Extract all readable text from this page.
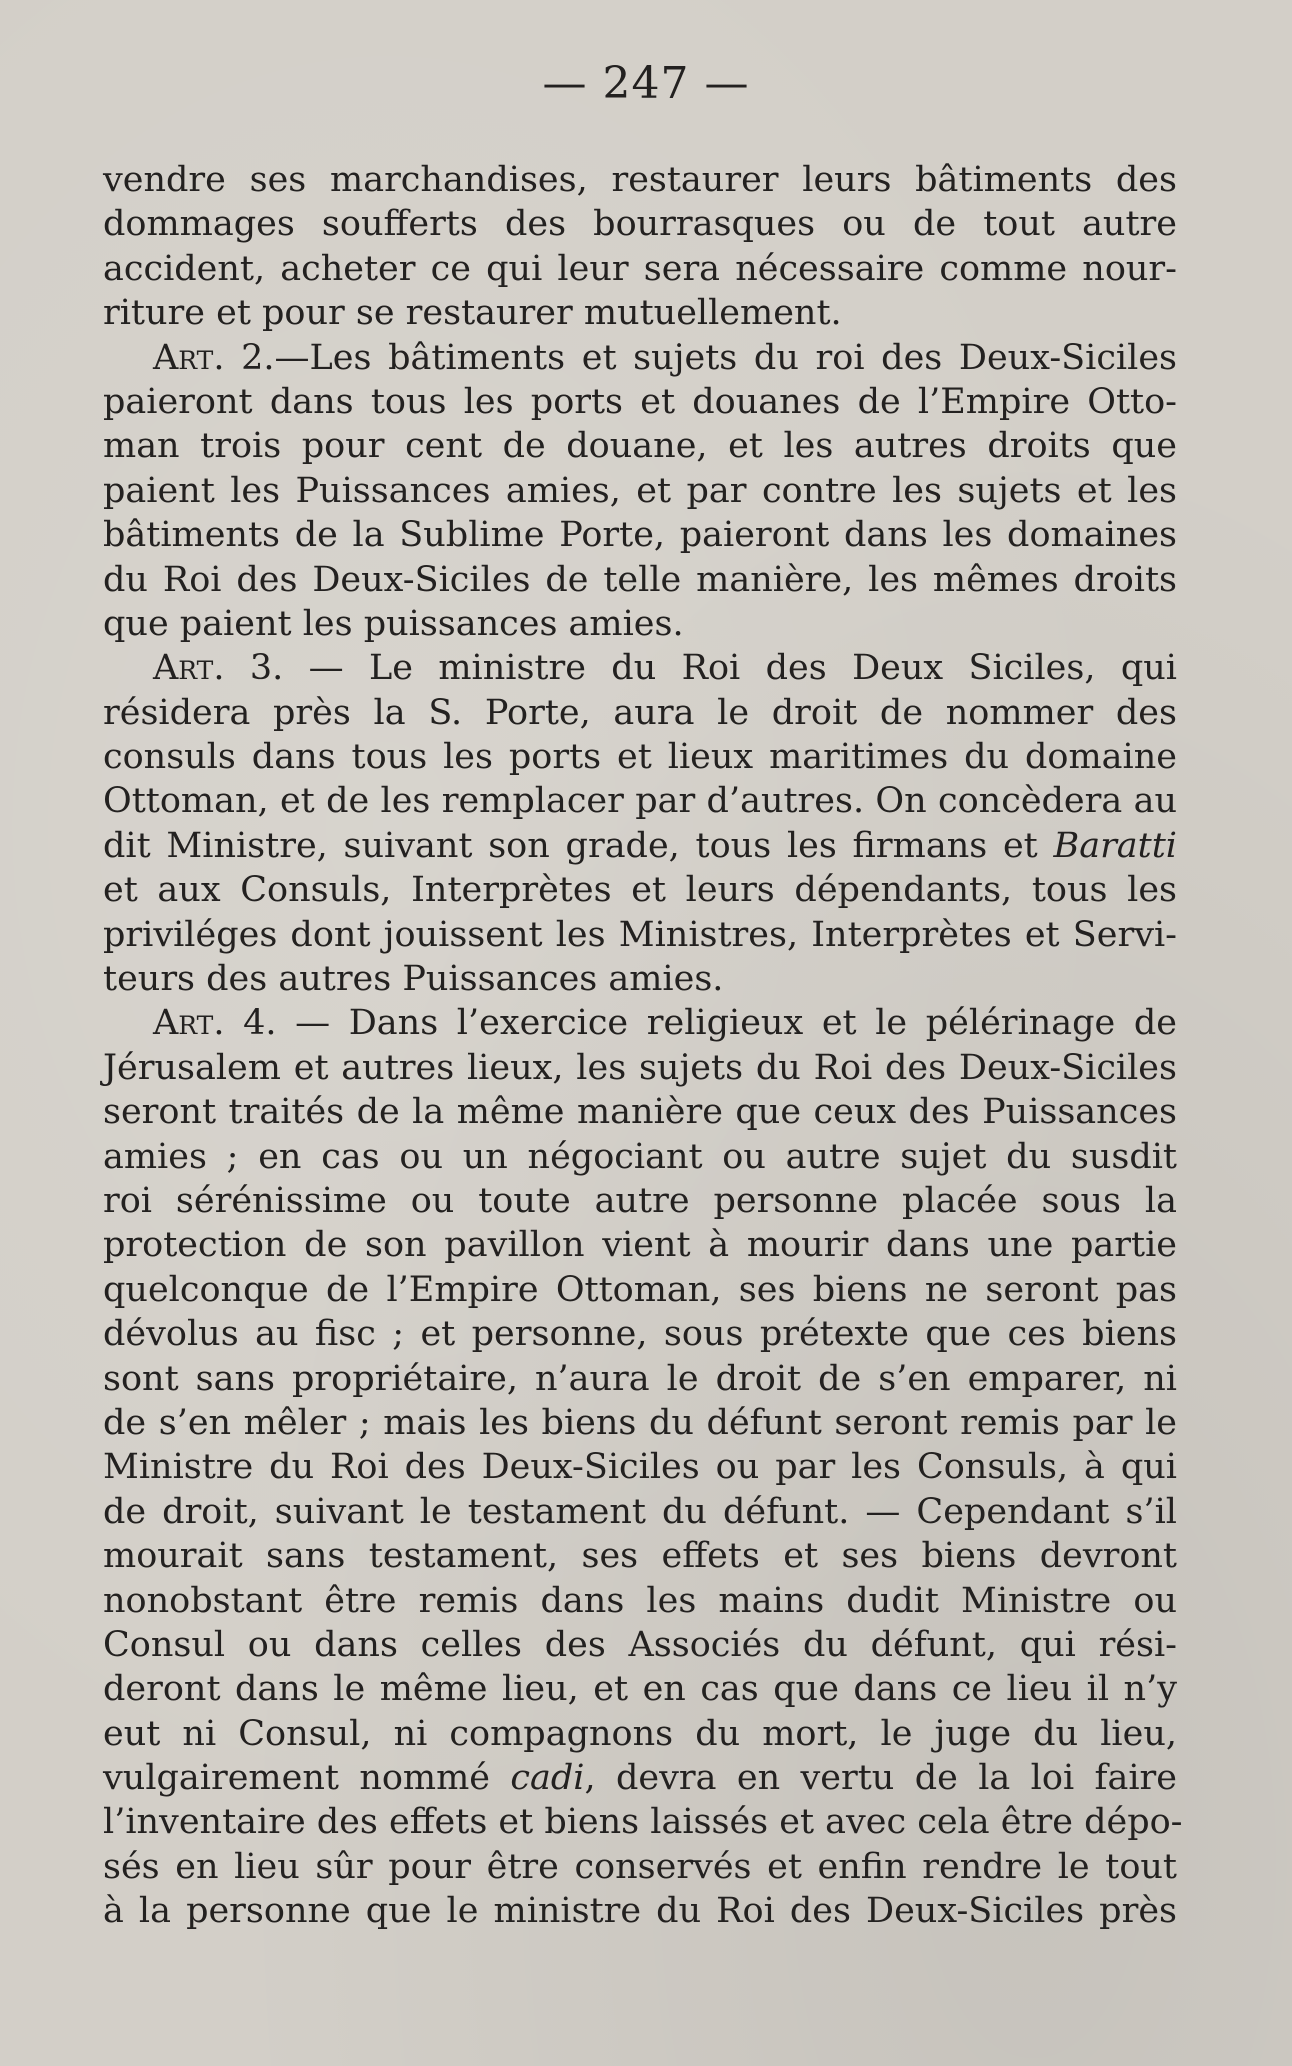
— 247 —
vendre ses marchandises, restaurer leurs bâtiments des
dommages soufferts des bourrasques ou de tout autre
accident, acheter ce qui leur sera nécessaire comme nour-
riture et pour se restaurer mutuellement.
Art. 2.—Les bâtiments et sujets du roi des Deux-Siciles
paieront dans tous les ports et douanes de l’Empire Otto-
man trois pour cent de douane, et les autres droits que
paient les Puissances amies, et par contre les sujets et les
bâtiments de la Sublime Porte, paieront dans les domaines
du Roi des Deux-Siciles de telle manière, les mêmes droits
que paient les puissances amies.
Art. 3. — Le ministre du Roi des Deux Siciles, qui
résidera près la S. Porte, aura le droit de nommer des
consuls dans tous les ports et lieux maritimes du domaine
Ottoman, et de les remplacer par d’autres. On concèdera au
dit Ministre, suivant son grade, tous les firmans et Baratti
et aux Consuls, Interprètes et leurs dépendants, tous les
priviléges dont jouissent les Ministres, Interprètes et Servi-
teurs des autres Puissances amies.
Art. 4. — Dans l’exercice religieux et le pélérinage de
Jérusalem et autres lieux, les sujets du Roi des Deux-Siciles
seront traités de la même manière que ceux des Puissances
amies ; en cas ou un négociant ou autre sujet du susdit
roi sérénissime ou toute autre personne placée sous la
protection de son pavillon vient à mourir dans une partie
quelconque de l’Empire Ottoman, ses biens ne seront pas
dévolus au fisc ; et personne, sous prétexte que ces biens
sont sans propriétaire, n’aura le droit de s’en emparer, ni
de s’en mêler ; mais les biens du défunt seront remis par le
Ministre du Roi des Deux-Siciles ou par les Consuls, à qui
de droit, suivant le testament du défunt. — Cependant s’il
mourait sans testament, ses effets et ses biens devront
nonobstant être remis dans les mains dudit Ministre ou
Consul ou dans celles des Associés du défunt, qui rési-
deront dans le même lieu, et en cas que dans ce lieu il n’y
eut ni Consul, ni compagnons du mort, le juge du lieu,
vulgairement nommé cadi, devra en vertu de la loi faire
l’inventaire des effets et biens laissés et avec cela être dépo-
sés en lieu sûr pour être conservés et enfin rendre le tout
à la personne que le ministre du Roi des Deux-Siciles près
